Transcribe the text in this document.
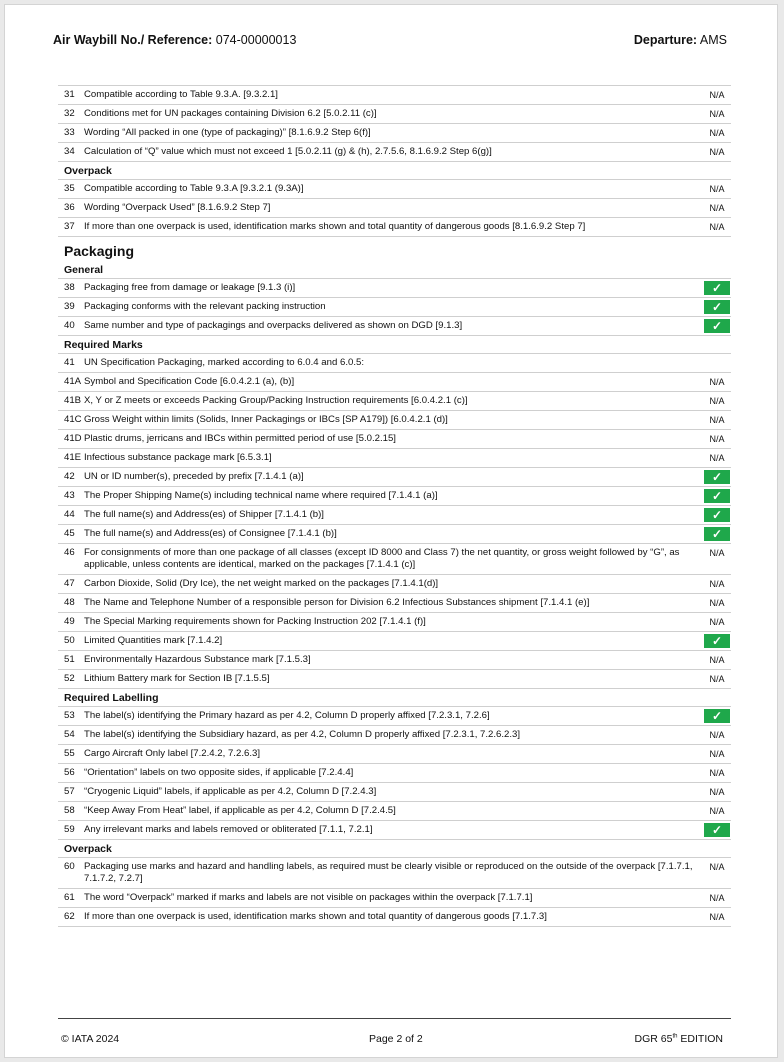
Air Waybill No./ Reference: 074-00000013	Departure: AMS
31 Compatible according to Table 9.3.A. [9.3.2.1]	N/A
32 Conditions met for UN packages containing Division 6.2 [5.0.2.11 (c)]	N/A
33 Wording “All packed in one (type of packaging)” [8.1.6.9.2 Step 6(f)]	N/A
34 Calculation of “Q” value which must not exceed 1 [5.0.2.11 (g) & (h), 2.7.5.6, 8.1.6.9.2 Step 6(g)]	N/A
Overpack
35 Compatible according to Table 9.3.A [9.3.2.1 (9.3A)]	N/A
36 Wording “Overpack Used” [8.1.6.9.2 Step 7]	N/A
37 If more than one overpack is used, identification marks shown and total quantity of dangerous goods [8.1.6.9.2 Step 7]	N/A
Packaging
General
38 Packaging free from damage or leakage [9.1.3 (i)]	✓
39 Packaging conforms with the relevant packing instruction	✓
40 Same number and type of packagings and overpacks delivered as shown on DGD [9.1.3]	✓
Required Marks
41 UN Specification Packaging, marked according to 6.0.4 and 6.0.5:
41A Symbol and Specification Code [6.0.4.2.1 (a), (b)]	N/A
41B X, Y or Z meets or exceeds Packing Group/Packing Instruction requirements [6.0.4.2.1 (c)]	N/A
41C Gross Weight within limits (Solids, Inner Packagings or IBCs [SP A179]) [6.0.4.2.1 (d)]	N/A
41D Plastic drums, jerricans and IBCs within permitted period of use [5.0.2.15]	N/A
41E Infectious substance package mark [6.5.3.1]	N/A
42 UN or ID number(s), preceded by prefix [7.1.4.1 (a)]	✓
43 The Proper Shipping Name(s) including technical name where required [7.1.4.1 (a)]	✓
44 The full name(s) and Address(es) of Shipper [7.1.4.1 (b)]	✓
45 The full name(s) and Address(es) of Consignee [7.1.4.1 (b)]	✓
46 For consignments of more than one package of all classes (except ID 8000 and Class 7) the net quantity, or gross weight followed by “G”, as applicable, unless contents are identical, marked on the packages [7.1.4.1 (c)]
N/A
47 Carbon Dioxide, Solid (Dry Ice), the net weight marked on the packages [7.1.4.1(d)]	N/A
48 The Name and Telephone Number of a responsible person for Division 6.2 Infectious Substances shipment [7.1.4.1 (e)]	N/A
49 The Special Marking requirements shown for Packing Instruction 202 [7.1.4.1 (f)]	N/A
50 Limited Quantities mark [7.1.4.2]	✓
51 Environmentally Hazardous Substance mark [7.1.5.3]	N/A
52 Lithium Battery mark for Section IB [7.1.5.5]	N/A
Required Labelling
53 The label(s) identifying the Primary hazard as per 4.2, Column D properly affixed [7.2.3.1, 7.2.6]	✓
54 The label(s) identifying the Subsidiary hazard, as per 4.2, Column D properly affixed [7.2.3.1, 7.2.6.2.3]	N/A
55 Cargo Aircraft Only label [7.2.4.2, 7.2.6.3]	N/A
56 “Orientation” labels on two opposite sides, if applicable [7.2.4.4]	N/A
57 “Cryogenic Liquid” labels, if applicable as per 4.2, Column D [7.2.4.3]	N/A
58 “Keep Away From Heat” label, if applicable as per 4.2, Column D [7.2.4.5]	N/A
59 Any irrelevant marks and labels removed or obliterated [7.1.1, 7.2.1]	✓
Overpack
60 Packaging use marks and hazard and handling labels, as required must be clearly visible or reproduced on the outside of the overpack [7.1.7.1, 7.1.7.2, 7.2.7]
N/A
61 The word “Overpack” marked if marks and labels are not visible on packages within the overpack [7.1.7.1]	N/A
62 If more than one overpack is used, identification marks shown and total quantity of dangerous goods [7.1.7.3]	N/A
© IATA 2024	Page 2 of 2	DGR 65th EDITION
